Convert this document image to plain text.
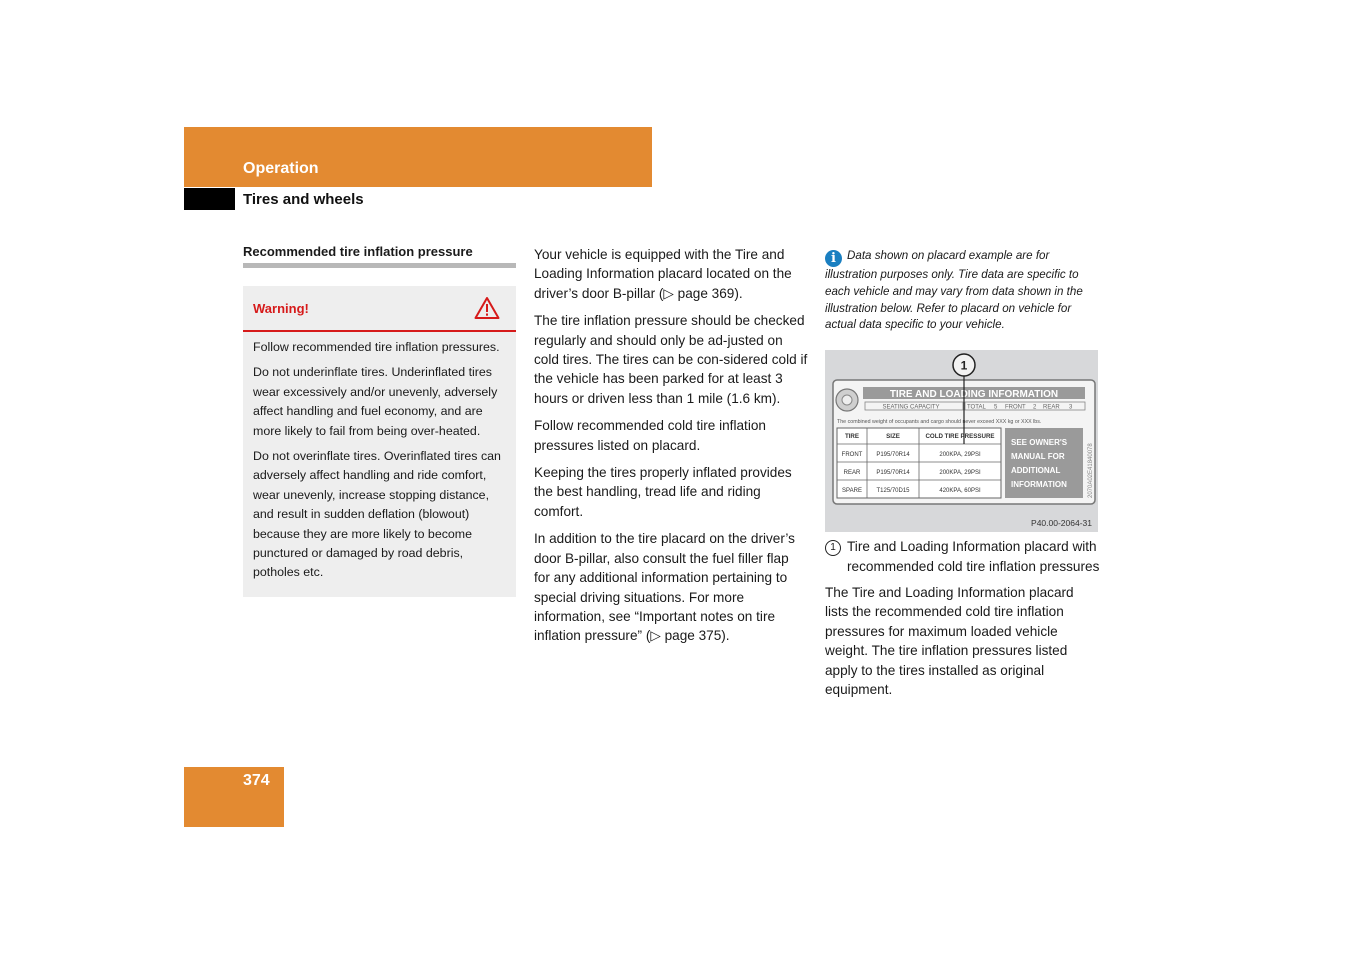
Operation
Tires and wheels
Recommended tire inflation pressure
Warning!

Follow recommended tire inflation pressures.

Do not underinflate tires. Underinflated tires wear excessively and/or unevenly, adversely affect handling and fuel economy, and are more likely to fail from being over-heated.

Do not overinflate tires. Overinflated tires can adversely affect handling and ride comfort, wear unevenly, increase stopping distance, and result in sudden deflation (blowout) because they are more likely to become punctured or damaged by road debris, potholes etc.

Your vehicle is equipped with the Tire and Loading Information placard located on the driver’s door B-pillar (▷ page 369).

The tire inflation pressure should be checked regularly and should only be ad-justed on cold tires. The tires can be con-sidered cold if the vehicle has been parked for at least 3 hours or driven less than 1 mile (1.6 km).

Follow recommended cold tire inflation pressures listed on placard.

Keeping the tires properly inflated provides the best handling, tread life and riding comfort.

In addition to the tire placard on the driver’s door B-pillar, also consult the fuel filler flap for any additional information pertaining to special driving situations. For more information, see “Important notes on tire inflation pressure” (▷ page 375).

i Data shown on placard example are for illustration purposes only. Tire data are specific to each vehicle and may vary from data shown in the illustration below. Refer to placard on vehicle for actual data specific to your vehicle.

TIRE AND LOADING INFORMATION
SEATING CAPACITY	TOTAL 5 FRONT 2 REAR 3
The combined weight of occupants and cargo should never exceed XXX kg or XXX lbs.
TIRE	SIZE	COLD TIRE PRESSURE
FRONT P195/70R14	200KPA, 29PSI
REAR	P195/70R14	200KPA, 29PSI
SPARE T125/70D15	420KPA, 60PSI
SEE OWNER'S
MANUAL FOR
ADDITIONAL
INFORMATION	2070A02E41840078
1
P40.00-2064-31
1 Tire and Loading Information placard with recommended cold tire inflation pressures

The Tire and Loading Information placard lists the recommended cold tire inflation pressures for maximum loaded vehicle weight. The tire inflation pressures listed apply to the tires installed as original equipment.

374
